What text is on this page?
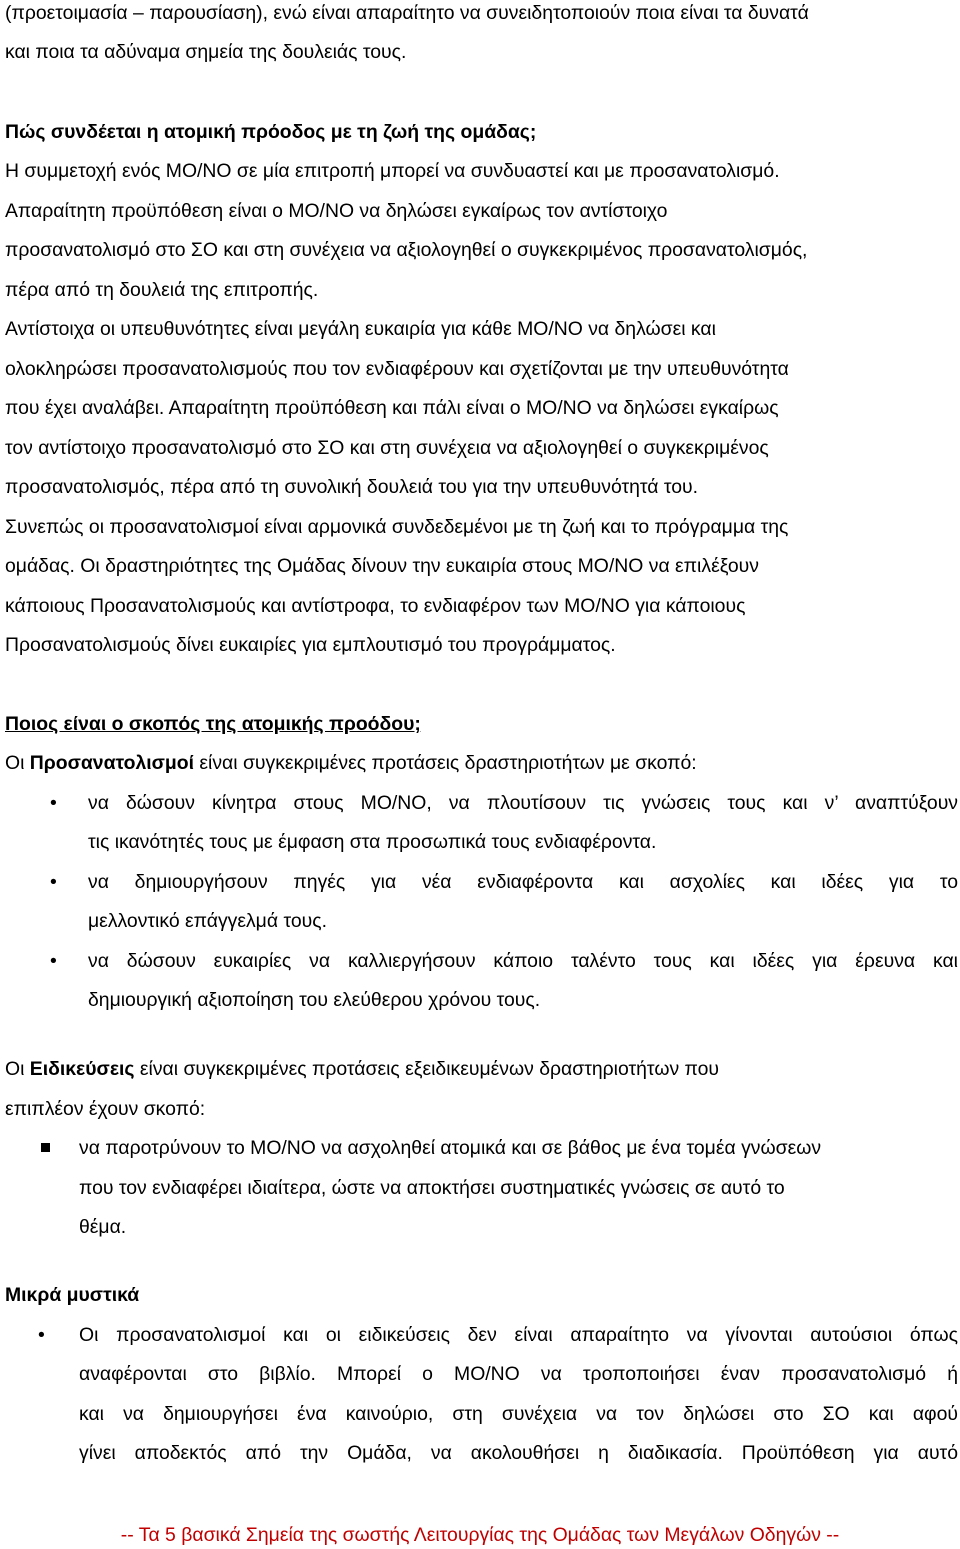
(προετοιμασία – παρουσίαση), ενώ είναι απαραίτητο να συνειδητοποιούν ποια είναι τα δυνατά
και ποια τα αδύναμα σημεία της δουλειάς τους.
Πώς συνδέεται η ατομική πρόοδος με τη ζωή της ομάδας;
Η συμμετοχή ενός ΜΟ/ΝΟ σε μία επιτροπή μπορεί να συνδυαστεί και με προσανατολισμό.
Απαραίτητη προϋπόθεση είναι ο ΜΟ/ΝΟ να δηλώσει εγκαίρως τον αντίστοιχο
προσανατολισμό στο ΣΟ και στη συνέχεια να αξιολογηθεί ο συγκεκριμένος προσανατολισμός,
πέρα από τη δουλειά της επιτροπής.
Αντίστοιχα οι υπευθυνότητες είναι μεγάλη ευκαιρία για κάθε ΜΟ/ΝΟ να δηλώσει και
ολοκληρώσει προσανατολισμούς που τον ενδιαφέρουν και σχετίζονται με την υπευθυνότητα
που έχει αναλάβει. Απαραίτητη προϋπόθεση και πάλι είναι ο ΜΟ/ΝΟ να δηλώσει εγκαίρως
τον αντίστοιχο προσανατολισμό στο ΣΟ και στη συνέχεια να αξιολογηθεί ο συγκεκριμένος
προσανατολισμός, πέρα από τη συνολική δουλειά του για την υπευθυνότητά του.
Συνεπώς οι προσανατολισμοί είναι αρμονικά συνδεδεμένοι με τη ζωή και το πρόγραμμα της
ομάδας. Οι δραστηριότητες της Ομάδας δίνουν την ευκαιρία στους ΜΟ/ΝΟ να επιλέξουν
κάποιους Προσανατολισμούς και αντίστροφα, το ενδιαφέρον των ΜΟ/ΝΟ για κάποιους
Προσανατολισμούς δίνει ευκαιρίες για εμπλουτισμό του προγράμματος.
Ποιος είναι ο σκοπός της ατομικής προόδου;
Οι Προσανατολισμοί είναι συγκεκριμένες προτάσεις δραστηριοτήτων με σκοπό:
• να δώσουν κίνητρα στους ΜΟ/ΝΟ, να πλουτίσουν τις γνώσεις τους και ν’ αναπτύξουν
τις ικανότητές τους με έμφαση στα προσωπικά τους ενδιαφέροντα.
• να δημιουργήσουν πηγές για νέα ενδιαφέροντα και ασχολίες και ιδέες για το
μελλοντικό επάγγελμά τους.
• να δώσουν ευκαιρίες να καλλιεργήσουν κάποιο ταλέντο τους και ιδέες για έρευνα και
δημιουργική αξιοποίηση του ελεύθερου χρόνου τους.
Οι Ειδικεύσεις είναι συγκεκριμένες προτάσεις εξειδικευμένων δραστηριοτήτων που
επιπλέον έχουν σκοπό:
να παροτρύνουν το ΜΟ/ΝΟ να ασχοληθεί ατομικά και σε βάθος με ένα τομέα γνώσεων
που τον ενδιαφέρει ιδιαίτερα, ώστε να αποκτήσει συστηματικές γνώσεις σε αυτό το
θέμα.
Μικρά μυστικά
• Οι προσανατολισμοί και οι ειδικεύσεις δεν είναι απαραίτητο να γίνονται αυτούσιοι όπως
αναφέρονται στο βιβλίο. Μπορεί ο ΜΟ/ΝΟ να τροποποιήσει έναν προσανατολισμό ή
και να δημιουργήσει ένα καινούριο, στη συνέχεια να τον δηλώσει στο ΣΟ και αφού
γίνει αποδεκτός από την Ομάδα, να ακολουθήσει η διαδικασία. Προϋπόθεση για αυτό
-- Τα 5 βασικά Σημεία της σωστής Λειτουργίας της Ομάδας των Μεγάλων Οδηγών --
